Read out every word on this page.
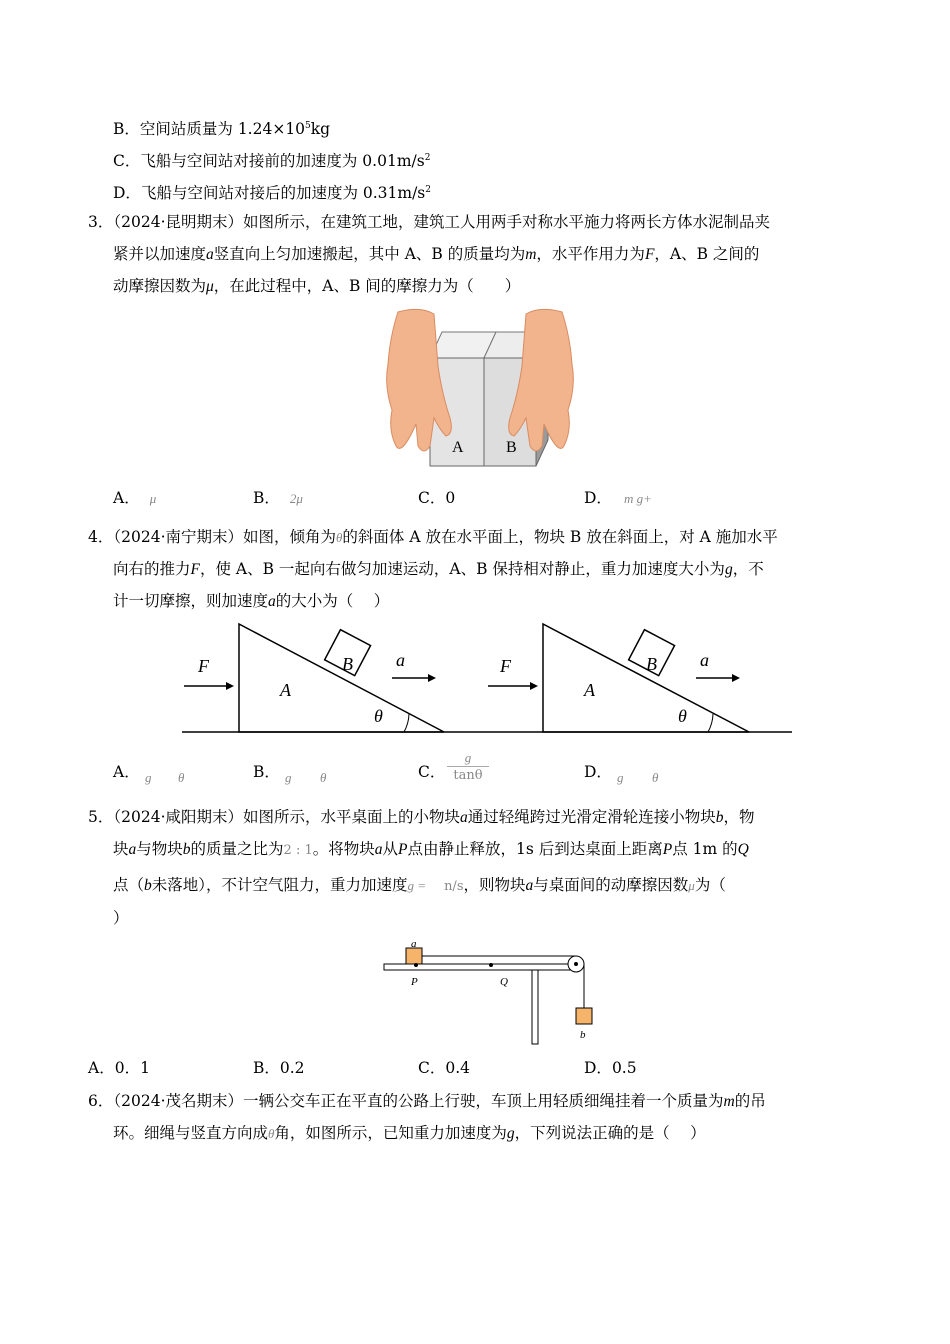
B．空间站质量为 $1.24\times 10^5kg$
C．飞船与空间站对接前的加速度为 $0.01m/s^2$
D．飞船与空间站对接后的加速度为 $0.31m/s^2$
3．（2024·昆明期末）如图所示，在建筑工地，建筑工人用两手对称水平施力将两长方体水泥制品夹
紧并以加速度a竖直向上匀加速搬起，其中 A、B 的质量均为m，水平作用力为F，A、B 之间的
动摩擦因数为μ，在此过程中，A、B 间的摩擦力为（　　）
A	B
A． μ	B． 2μ	C．0	D． m g+
4．（2024·南宁期末）如图，倾角为θ的斜面体 A 放在水平面上，物块 B 放在斜面上，对 A 施加水平
向右的推力F，使 A、B 一起向右做匀加速运动，A、B 保持相对静止，重力加速度大小为g，不
计一切摩擦，则加速度a的大小为（　 ）
F
A
B a
θ
F
A
B a
θ
A． g θ	B． g θ	C．
g
tanθ	D． g θ
5．（2024·咸阳期末）如图所示，水平桌面上的小物块a通过轻绳跨过光滑定滑轮连接小物块b，物
块a与物块b的质量之比为2 : 1。将物块a从P点由静止释放，1s 后到达桌面上距离P点 1m 的Q
点（b未落地），不计空气阻力，重力加速度g = n/s，则物块a与桌面间的动摩擦因数μ为（
）
a
b
P	Q
A．0．1	B．0.2	C．0.4	D．0.5
6．（2024·茂名期末）一辆公交车正在平直的公路上行驶，车顶上用轻质细绳挂着一个质量为m的吊
环。细绳与竖直方向成θ角，如图所示，已知重力加速度为g，下列说法正确的是（　 ）
